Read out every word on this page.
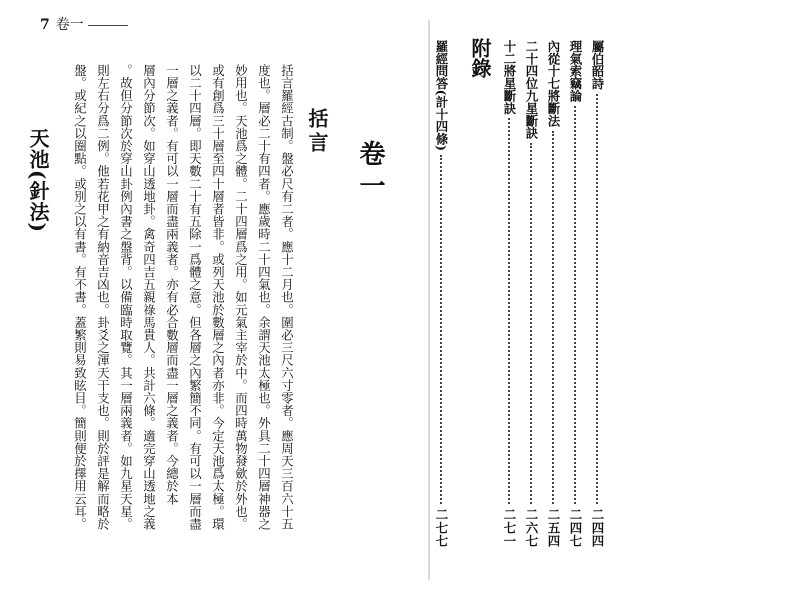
7 卷一
卷一
括言
括言羅經古制。盤必尺有二者。應十二月也。圍必三尺六寸零者。應周天三百六十五
度也。層必二十有四者。應歲時二十四氣也。余謂天池太極也。外具二十四層神器之
妙用也。天池爲之體。二十四層爲之用。如元氣主宰於中。而四時萬物發歛於外也。
或有創爲三十層至四十層者皆非。或列天池於數層之內者亦非。今定天池爲太極。環
以二十四層。即天數二十有五除一爲體之意。但各層之內繁簡不同。有可以一層而盡
一層之義者。有可以一層而盡兩義者。亦有必合數層而盡一層之義者。今總於本
層內分節次。如穿山透地卦。禽奇四吉五親祿馬貴人。共計六條。適完穿山透地之義
。故但分節次於穿山卦例內書之盤背。以備臨時取覽。其一層兩義者。如九星天星。
則左右分爲二例。他若花甲之有納音吉凶也。卦爻之渾天干支也。則於評是解而略於
盤。或紀之以圈點。或別之以有書。有不書。蓋繁則易致眩目。簡則便於擇用云耳。
天池(針法)
附錄	屬伯韶詩
二四四
理氣索竊論
二四七
內從十七將斷法
二五四
二十四位九星斷訣
二六七
十二將星斷訣
二七一
羅經問答(計十四條)
二七七
